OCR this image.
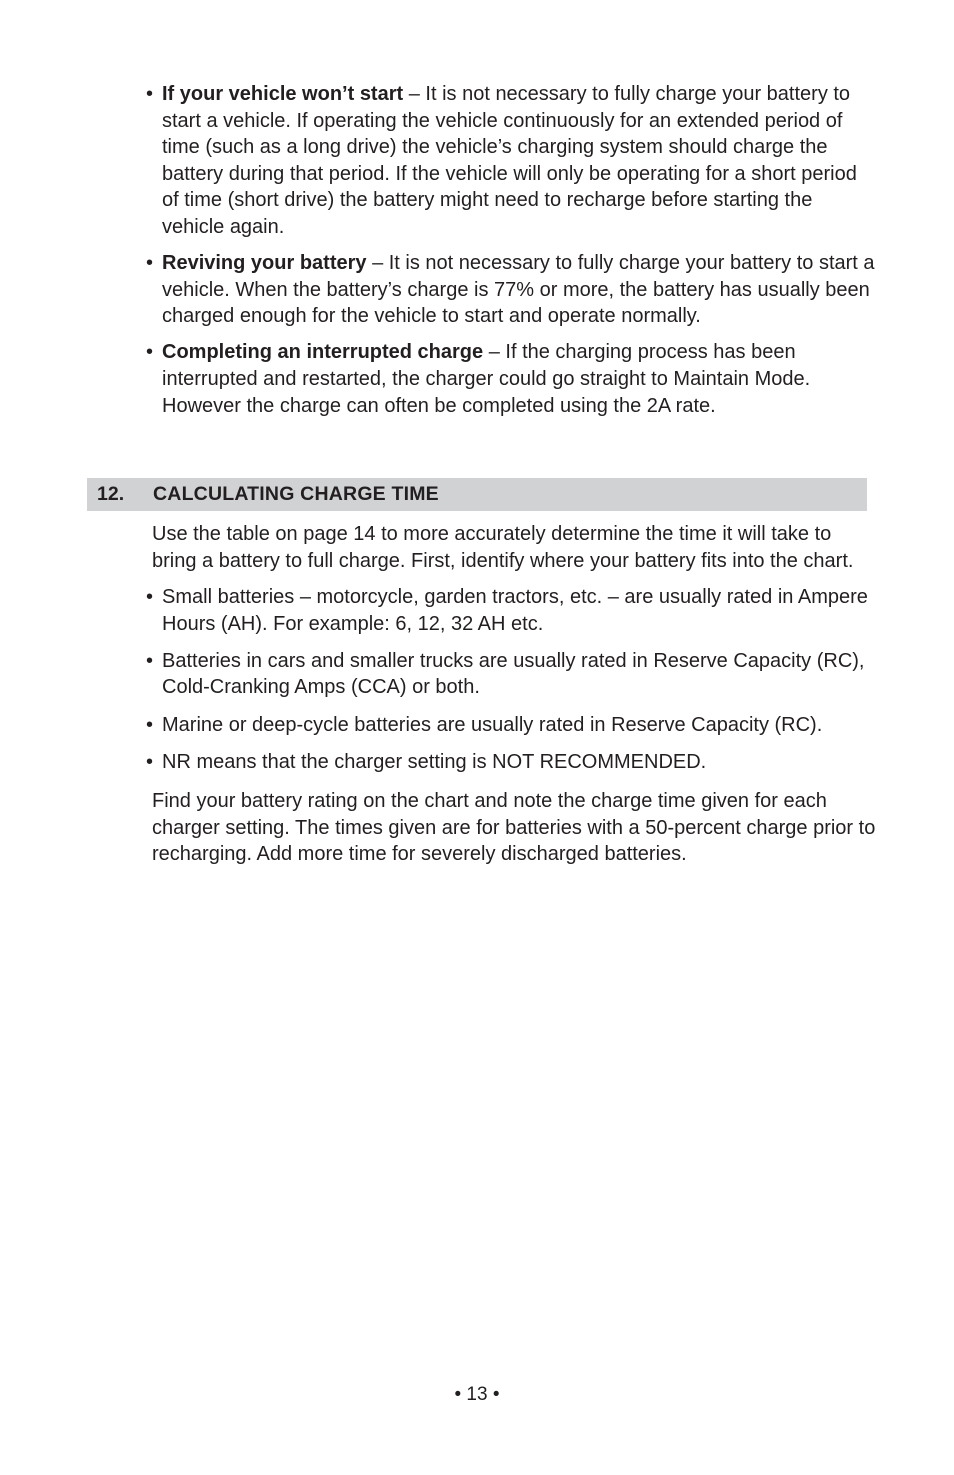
• If your vehicle won’t start – It is not necessary to fully charge your battery to start a vehicle. If operating the vehicle continuously for an extended period of time (such as a long drive) the vehicle’s charging system should charge the battery during that period. If the vehicle will only be operating for a short period of time (short drive) the battery might need to recharge before starting the vehicle again.
• Reviving your battery – It is not necessary to fully charge your battery to start a vehicle. When the battery’s charge is 77% or more, the battery has usually been charged enough for the vehicle to start and operate normally.
• Completing an interrupted charge – If the charging process has been interrupted and restarted, the charger could go straight to Maintain Mode. However the charge can often be completed using the 2A rate.
12. CALCULATING CHARGE TIME

Use the table on page 14 to more accurately determine the time it will take to bring a battery to full charge. First, identify where your battery fits into the chart.

• Small batteries – motorcycle, garden tractors, etc. – are usually rated in Ampere Hours (AH). For example: 6, 12, 32 AH etc.
• Batteries in cars and smaller trucks are usually rated in Reserve Capacity (RC), Cold-Cranking Amps (CCA) or both.
• Marine or deep-cycle batteries are usually rated in Reserve Capacity (RC).
• NR means that the charger setting is NOT RECOMMENDED.

Find your battery rating on the chart and note the charge time given for each charger setting. The times given are for batteries with a 50-percent charge prior to recharging. Add more time for severely discharged batteries.

• 13 •
